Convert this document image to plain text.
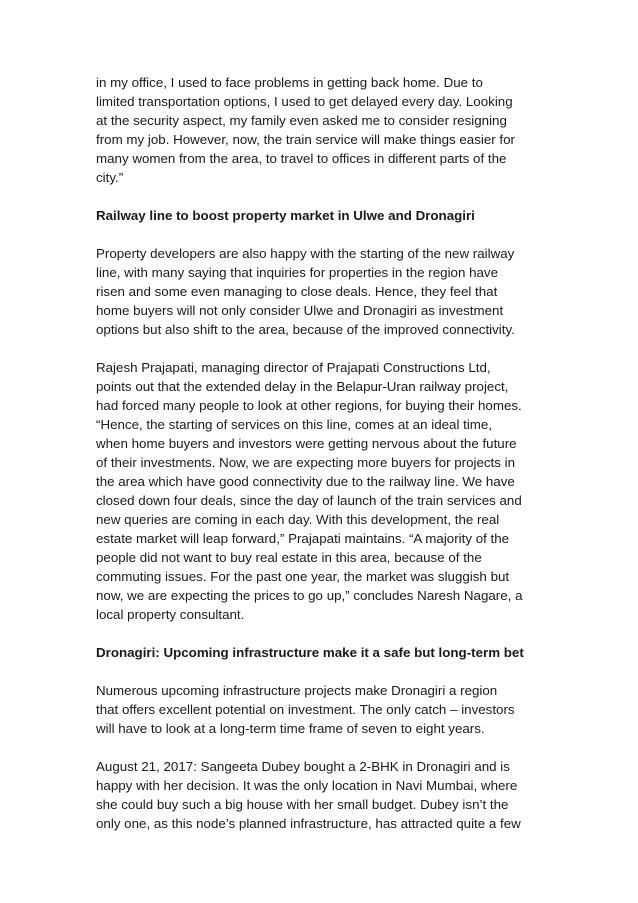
in my office, I used to face problems in getting back home. Due to
limited transportation options, I used to get delayed every day. Looking
at the security aspect, my family even asked me to consider resigning
from my job. However, now, the train service will make things easier for
many women from the area, to travel to offices in different parts of the
city.”

Railway line to boost property market in Ulwe and Dronagiri

Property developers are also happy with the starting of the new railway
line, with many saying that inquiries for properties in the region have
risen and some even managing to close deals. Hence, they feel that
home buyers will not only consider Ulwe and Dronagiri as investment
options but also shift to the area, because of the improved connectivity.

Rajesh Prajapati, managing director of Prajapati Constructions Ltd,
points out that the extended delay in the Belapur-Uran railway project,
had forced many people to look at other regions, for buying their homes.
“Hence, the starting of services on this line, comes at an ideal time,
when home buyers and investors were getting nervous about the future
of their investments. Now, we are expecting more buyers for projects in
the area which have good connectivity due to the railway line. We have
closed down four deals, since the day of launch of the train services and
new queries are coming in each day. With this development, the real
estate market will leap forward,” Prajapati maintains. “A majority of the
people did not want to buy real estate in this area, because of the
commuting issues. For the past one year, the market was sluggish but
now, we are expecting the prices to go up,” concludes Naresh Nagare, a
local property consultant.

Dronagiri: Upcoming infrastructure make it a safe but long-term bet

Numerous upcoming infrastructure projects make Dronagiri a region
that offers excellent potential on investment. The only catch – investors
will have to look at a long-term time frame of seven to eight years.

August 21, 2017: Sangeeta Dubey bought a 2-BHK in Dronagiri and is
happy with her decision. It was the only location in Navi Mumbai, where
she could buy such a big house with her small budget. Dubey isn’t the
only one, as this node’s planned infrastructure, has attracted quite a few
